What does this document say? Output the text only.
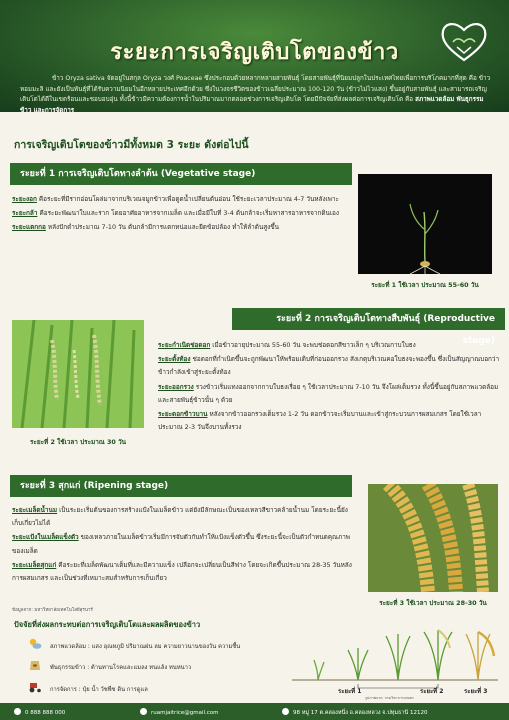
ระยะการเจริญเติบโตของข้าว
ข้าว Oryza sativa จัดอยู่ในสกุล Oryza วงศ์ Poaceae ซึ่งประกอบด้วยหลากหลายสายพันธุ์ โดยสายพันธุ์ที่นิยมปลูกในประเทศไทยเพื่อการบริโภคมากที่สุด คือ ข้าวหอมมะลิ และยังเป็นพันธุ์ที่ได้รับความนิยมในอีกหลายประเทศอีกด้วย ซึ่งในวงจรชีวิตของข้าวเฉลี่ยประมาณ 100-120 วัน (ข้าวไม่ไวแสง) ขึ้นอยู่กับสายพันธุ์ และสามารถเจริญเติบโตได้ดีในเขตร้อนและชอบอบอุ่น ทั้งนี้ข้าวมีความต้องการน้ำในปริมาณมากตลอดช่วงการเจริญเติบโต โดยมีปัจจัยที่ส่งผลต่อการเจริญเติบโต คือ สภาพแวดล้อม พันธุกรรมข้าว และการจัดการ
การเจริญเติบโตของข้าวมีทั้งหมด 3 ระยะ ดังต่อไปนี้
ระยะที่ 1 การเจริญเติบโตทางลำต้น (Vegetative stage)

ระยะงอก คือระยะที่มีรากอ่อนโผล่มาจากบริเวณจมูกข้าวเพื่อดูดน้ำเปลี่ยนต้นอ่อน ใช้ระยะเวลาประมาณ 4-7 วันหลังเพาะ

ระยะกล้า คือระยะพัฒนาใบและราก โดยอาศัยอาหารจากเมล็ด และเมื่อมีใบที่ 3-4 ต้นกล้าจะเริ่มหาสารอาหารจากดินเอง

ระยะแตกกอ หลังปักดำประมาณ 7-10 วัน ต้นกล้ามีการแตกหน่อและยืดข้อปล้อง ทำให้ลำต้นสูงขึ้น

ระยะที่ 1 ใช้เวลา ประมาณ 55-60 วัน
ระยะที่ 2 การเจริญเติบโตทางสืบพันธุ์ (Reproductive stage)
ระยะที่ 2 ใช้เวลา ประมาณ 30 วัน

ระยะกำเนิดช่อดอก เมื่อข้าวอายุประมาณ 55-60 วัน จะพบช่อดอกสีขาวเล็ก ๆ บริเวณกาบใบธง

ระยะตั้งท้อง ช่อดอกที่กำเนิดขึ้นจะถูกพัฒนาให้พร้อมเติบที่ก่อนออกรวง สังเกตุบริเวณคอใบธงจะพองขึ้น ซึ่งเป็นสัญญาณบอกว่าข้าวกำลังเข้าสู่ระยะตั้งท้อง

ระยะออกรวง รวงข้าวเริ่มแทงออกจากกาบใบธงเรื่อย ๆ ใช้เวลาประมาณ 7-10 วัน จึงโผล่เต็มรวง ทั้งนี้ขึ้นอยู่กับสภาพแวดล้อมและสายพันธุ์ข้าวนั้น ๆ ด้วย

ระยะดอกข้าวบาน หลังจากข้าวออกรวงเต็มรวง 1-2 วัน ดอกข้าวจะเริ่มบานและเข้าสู่กระบวนการผสมเกสร โดยใช้เวลาประมาณ 2-3 วันจึงบานทั้งรวง

ระยะที่ 3 สุกแก่ (Ripening stage)

ระยะเมล็ดน้ำนม เป็นระยะเริ่มต้นของการสร้างแป้งในเมล็ดข้าว แต่ยังมีลักษณะเป็นของเหลวสีขาวคล้ายน้ำนม โดยระยะนี้ยังเก็บเกี่ยวไม่ได้

ระยะแป้งในเมล็ดแข็งตัว ของเหลวภายในเมล็ดข้าวเริ่มมีการจับตัวกันทำให้แป้งแข็งตัวขึ้น ซึ่งระยะนี้จะเป็นตัวกำหนดคุณภาพของเมล็ด

ระยะเมล็ดสุกแก่ คือระยะที่เมล็ดพัฒนาเต็มที่และมีความแข็ง เปลือกจะเปลี่ยนเป็นสีฟาง โดยจะเกิดขึ้นประมาณ 28-35 วันหลังการผสมเกสร และเป็นช่วงที่เหมาะสมสำหรับการเก็บเกี่ยว

ระยะที่ 3 ใช้เวลา ประมาณ 28-30 วัน
ข้อมูลจาก: มหาวิทยาลัยเทคโนโลยีสุรนารี
ปัจจัยที่ส่งผลกระทบต่อการเจริญเติบโตและผลผลิตของข้าว
สภาพแวดล้อม : แสง อุณหภูมิ ปริมาณฝน ลม ความยาวนานของวัน ความชื้น
พันธุกรรมข้าว : ต้านทานโรคและแมลง ทนแล้ง ทนหนาว
การจัดการ : ปุ๋ย น้ำ วัชพืช ดิน การดูแล	ระยะที่ 1	ระยะที่ 2	ระยะที่ 3
รูปภาพจาก: กรมวิชาการเกษตร
0 888 888 000	ruamjaitrice@gmail.com	98 หมู่ 17 ต.คลองหนึ่ง อ.คลองหลวง จ.ปทุมธานี 12120
